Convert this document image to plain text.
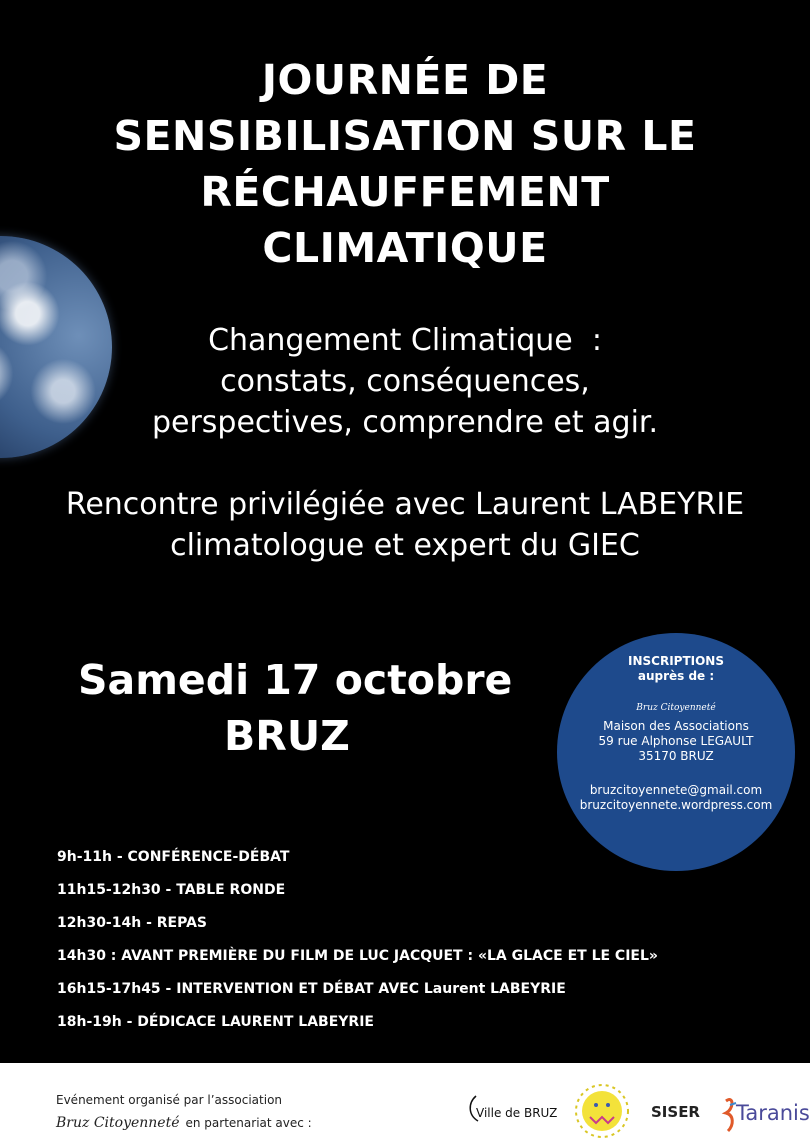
JOURNÉE DE
SENSIBILISATION SUR LE
RÉCHAUFFEMENT
CLIMATIQUE

Changement Climatique  :
constats, conséquences,
perspectives, comprendre et agir.

Rencontre privilégiée avec Laurent LABEYRIE
climatologue et expert du GIEC

Samedi 17 octobre
BRUZ
INSCRIPTIONS
auprès de :
Bruz Citoyenneté
Maison des Associations
59 rue Alphonse LEGAULT
35170 BRUZ
bruzcitoyennete@gmail.com
bruzcitoyennete.wordpress.com
9h-11h - CONFÉRENCE-DÉBAT
11h15-12h30 - TABLE RONDE
12h30-14h - REPAS
14h30 : AVANT PREMIÈRE DU FILM DE LUC JACQUET : «LA GLACE ET LE CIEL»
16h15-17h45 - INTERVENTION ET DÉBAT AVEC Laurent LABEYRIE
18h-19h - DÉDICACE LAURENT LABEYRIE
Evénement organisé par l’association
Bruz Citoyenneté en partenariat avec :
Ville de BRUZ	SISER Taranis
